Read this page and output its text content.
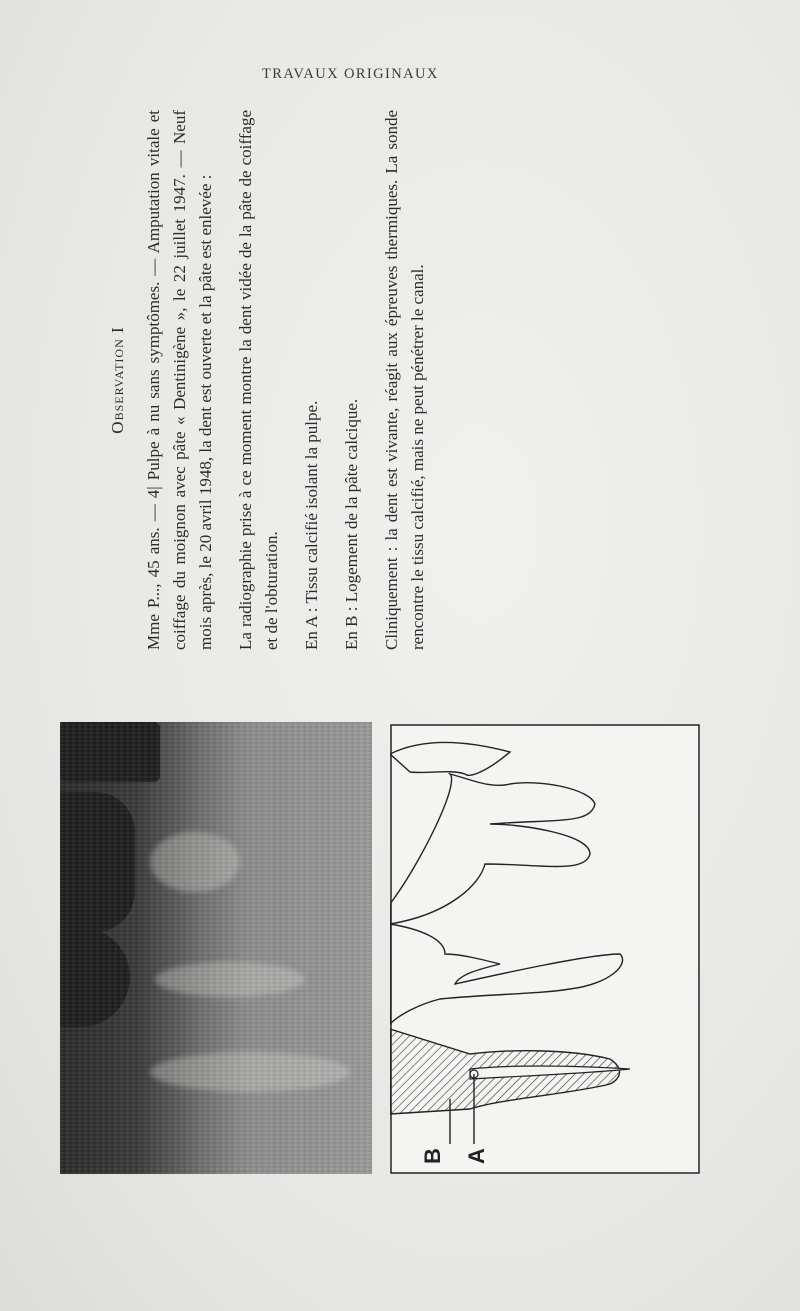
TRAVAUX ORIGINAUX
Observation I Mme P..., 45 ans. — 4| Pulpe à nu sans symptômes. — Amputation vitale et coiffage du moignon avec pâte « Dentinigène », le 22 juillet 1947. — Neuf mois après, le 20 avril 1948, la dent est ouverte et la pâte est enlevée : La radiographie prise à ce moment montre la dent vidée de la pâte de coiffage et de l'obturation. En A : Tissu calcifié isolant la pulpe. En B : Logement de la pâte calcique. Cliniquement : la dent est vivante, réagit aux épreuves thermiques. La sonde rencontre le tissu calcifié, mais ne peut pénétrer le canal.

B A
